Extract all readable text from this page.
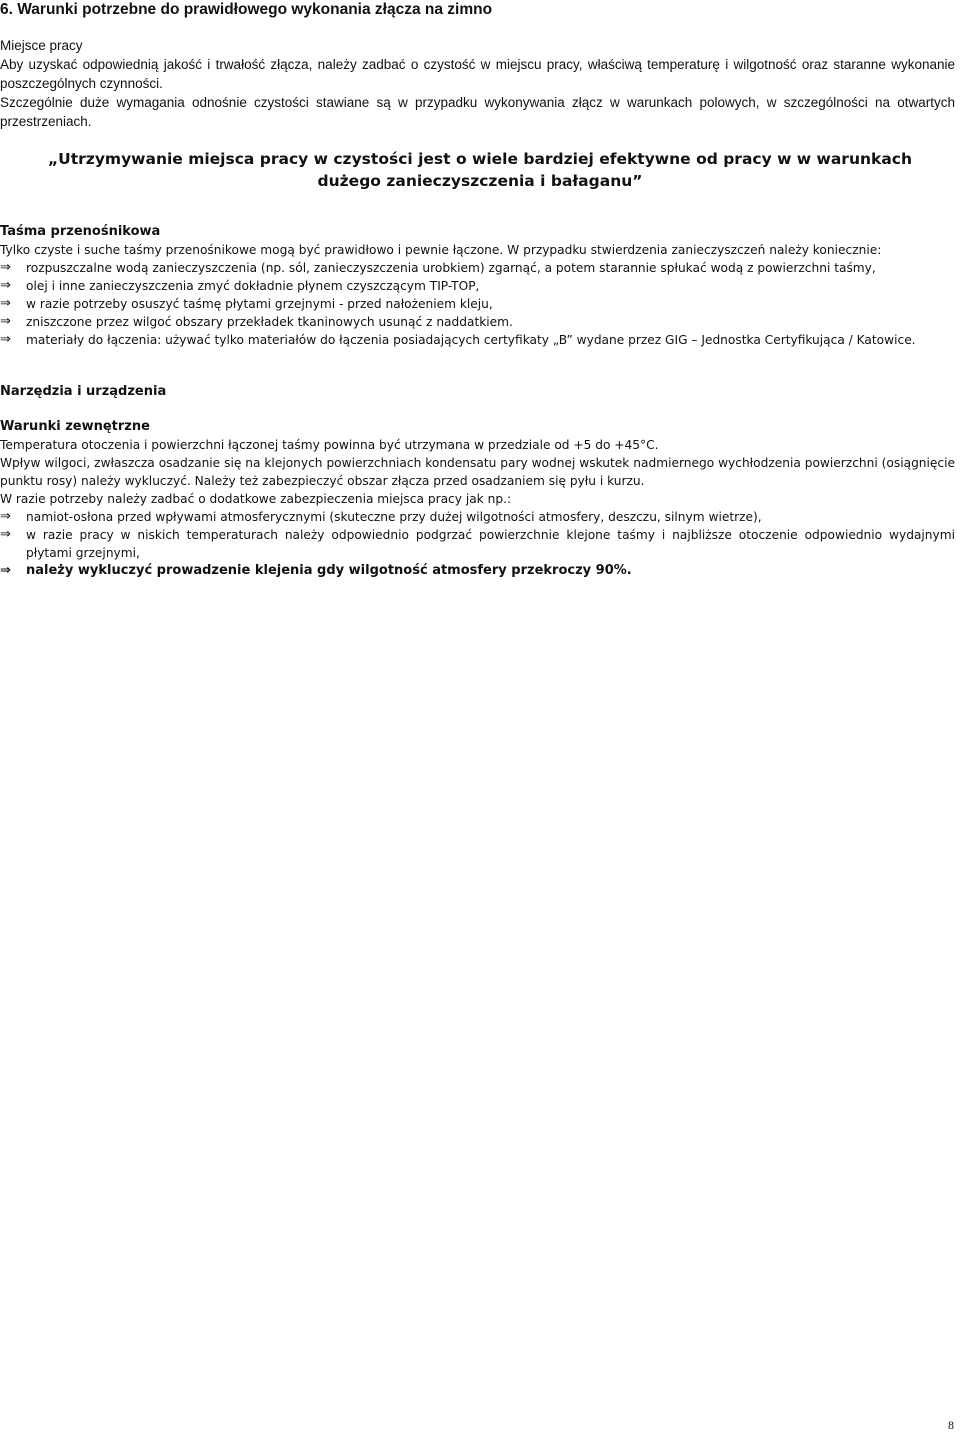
6. Warunki potrzebne do prawidłowego wykonania złącza na zimno

Miejsce pracy

Aby uzyskać odpowiednią jakość i trwałość złącza, należy zadbać o czystość w miejscu pracy, właściwą temperaturę i wilgotność oraz staranne wykonanie poszczególnych czynności.

Szczególnie duże wymagania odnośnie czystości stawiane są w przypadku wykonywania złącz w warunkach polowych, w szczególności na otwartych przestrzeniach.

„Utrzymywanie miejsca pracy w czystości jest o wiele bardziej efektywne od pracy w w warunkach dużego zanieczyszczenia i bałaganu”
Taśma przenośnikowa

Tylko czyste i suche taśmy przenośnikowe mogą być prawidłowo i pewnie łączone. W przypadku stwierdzenia zanieczyszczeń należy koniecznie:

⇒	rozpuszczalne wodą zanieczyszczenia (np. sól, zanieczyszczenia urobkiem) zgarnąć, a potem starannie spłukać wodą z powierzchni taśmy,
⇒	olej i inne zanieczyszczenia zmyć dokładnie płynem czyszczącym TIP-TOP,
⇒	w razie potrzeby osuszyć taśmę płytami grzejnymi - przed nałożeniem kleju,
⇒	zniszczone przez wilgoć obszary przekładek tkaninowych usunąć z naddatkiem.
⇒	materiały do łączenia: używać tylko materiałów do łączenia posiadających certyfikaty „B” wydane przez GIG – Jednostka Certyfikująca / Katowice.
Narzędzia i urządzenia
Warunki zewnętrzne

Temperatura otoczenia i powierzchni łączonej taśmy powinna być utrzymana w przedziale od +5 do +45°C.

Wpływ wilgoci, zwłaszcza osadzanie się na klejonych powierzchniach kondensatu pary wodnej wskutek nadmiernego wychłodzenia powierzchni (osiągnięcie punktu rosy) należy wykluczyć. Należy też zabezpieczyć obszar złącza przed osadzaniem się pyłu i kurzu.

W razie potrzeby należy zadbać o dodatkowe zabezpieczenia miejsca pracy jak np.:

⇒	namiot-osłona przed wpływami atmosferycznymi (skuteczne przy dużej wilgotności atmosfery, deszczu, silnym wietrze),
⇒	w razie pracy w niskich temperaturach należy odpowiednio podgrzać powierzchnie klejone taśmy i najbliższe otoczenie odpowiednio wydajnymi płytami grzejnymi,
⇒	należy wykluczyć prowadzenie klejenia gdy wilgotność atmosfery przekroczy 90%.
8
